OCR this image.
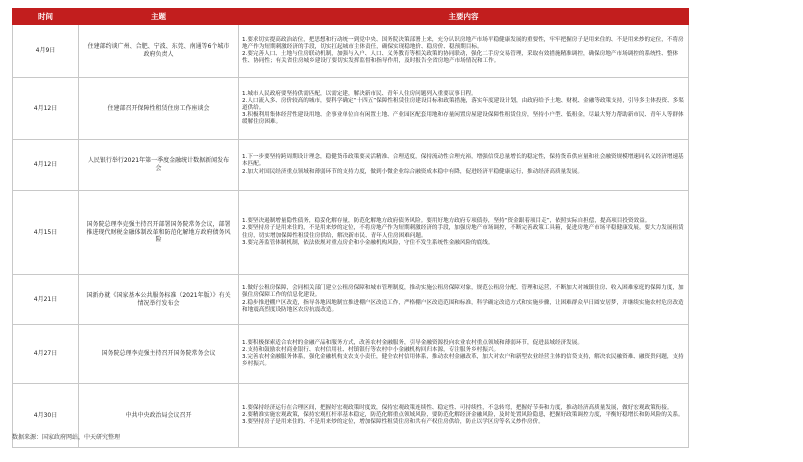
时间	主题	主要内容
4月9日	住建部约谈广州、合肥、宁波、东莞、南通等6个城市政府负责人	1.要求切实提高政治站位，把思想和行动统一到党中央、国务院决策部署上来，充分认识房地产市场平稳健康发展的重要性，牢牢把握房子是用来住的、不是用来炒的定位，不将房地产作为短期刺激经济的手段，切实扛起城市主体责任，确保实现稳地价、稳房价、稳预期目标。
2.要完善人口、土地与住房联动机制，加强与入户、人口、义务教育等相关政策的协同联动，强化二手房交易管理，采取有效措施精准调控，确保房地产市场调控的系统性、整体性、协同性；有关省住房城乡建设厅要切实发挥监督和指导作用，及时报告全省房地产市场情况和工作。

4月12日	住建部召开保障性租赁住房工作座谈会	1.城市人民政府要坚持供需匹配，以需定建，解决新市民、青年人住房问题列入重要议事日程。
2.人口流入多、房价较高的城市，要科学确定“十四五”保障性租赁住房建设目标和政策措施，落实年度建设计划，由政府给予土地、财税、金融等政策支持，引导多主体投资、多渠道供给。
3.积极利用集体经营性建设用地、企事业单位自有闲置土地、产业园区配套用地和存量闲置房屋建设保障性租赁住房，坚持小户型、低租金，尽最大努力帮助新市民、青年人等群体缓解住房困难。

4月12日	人民银行举行2021年第一季度金融统计数据新闻发布会	1.下一步要坚持跨周期设计理念，稳健货币政策要灵活精准、合理适度，保持流动性合理充裕，增强信贷总量增长的稳定性，保持货币供应量和社会融资规模增速同名义经济增速基本匹配。
2.加大对国民经济重点领域和薄弱环节的支持力度，做到小微企业综合融资成本稳中有降，促进经济平稳健康运行，推动经济高质量发展。

4月15日	国务院总理李克强主持召开部署国务院常务会议，部署推进现代财税金融体制改革和防范化解地方政府债务风险	1.要坚决遏制增量隐性债务，稳妥化解存量，防范化解地方政府债务风险。要用好地方政府专项债券，坚持“资金跟着项目走”，依照实际自担偿，提高项目投资效益。
2.要坚持房子是用来住的，不是用来炒的定位，不将房地产作为短期刺激经济的手段，加强房地产市场调控，不断完善政策工具箱，促进房地产市场平稳健康发展。要大力发展租赁住房，切实增加保障性租赁住房供给，解决新市民、青年人住房困难问题。
3.要完善监管体制机制，依法依规对重点房企和小金融机构风险，守住不发生系统性金融风险的底线。

4月21日	国新办就《国家基本公共服务标准（2021年版）》有关情况举行发布会	1.做好公租房保障，会同相关部门建立公租房保障和城市管理制度，推动实施公租房保障对象，规范公租房分配、管理和运营，不断加大对城镇住房、收入困难家庭的保障力度，加强住房保障工作的信息化建设。
2.稳步推进棚户区改造，指导各地因地制宜推进棚户区改造工作，严格棚户区改造范围和标准，科学确定改造方式和实施步骤，让困难群众早日圆安居梦，并继续实施农村危房改造和地震高烈度设防地区农房抗震改造。

4月27日	国务院总理李克强主持召开国务院常务会议	1.要积极探索适合农村的金融产品和服务方式，改善农村金融服务，引导金融资源投向农业农村重点领域和薄弱环节，促进县域经济发展。
2.支持和鼓励农村商业银行、农村信用社、村镇银行等农村中小金融机构回归本源，专注服务乡村振兴。
3.完善农村金融服务体系，强化金融机构支农支小责任，健全农村信用体系，推动农村金融改革，加大对农户和新型农业经营主体的信贷支持，解决农民融资难、融资贵问题，支持乡村振兴。

4月30日	中共中央政治局会议召开	1.要保持经济运行在合理区间，把握好宏观政策时度效，保持宏观政策连续性、稳定性、可持续性，不急转弯，把握好节奏和力度，推动经济高质量发展，做好宏观政策衔接。
2.要精准实施宏观政策，保持宏观杠杆率基本稳定，防范化解重点领域风险，要防范化解经济金融风险，及时处置风险隐患，把握好政策调控力度，平衡好稳增长和防风险的关系。
3.要坚持房子是用来住的、不是用来炒的定位，增加保障性租赁住房和共有产权住房供给，防止以学区房等名义炒作房价。
数据来源：国家政府网站，中天研究整理
